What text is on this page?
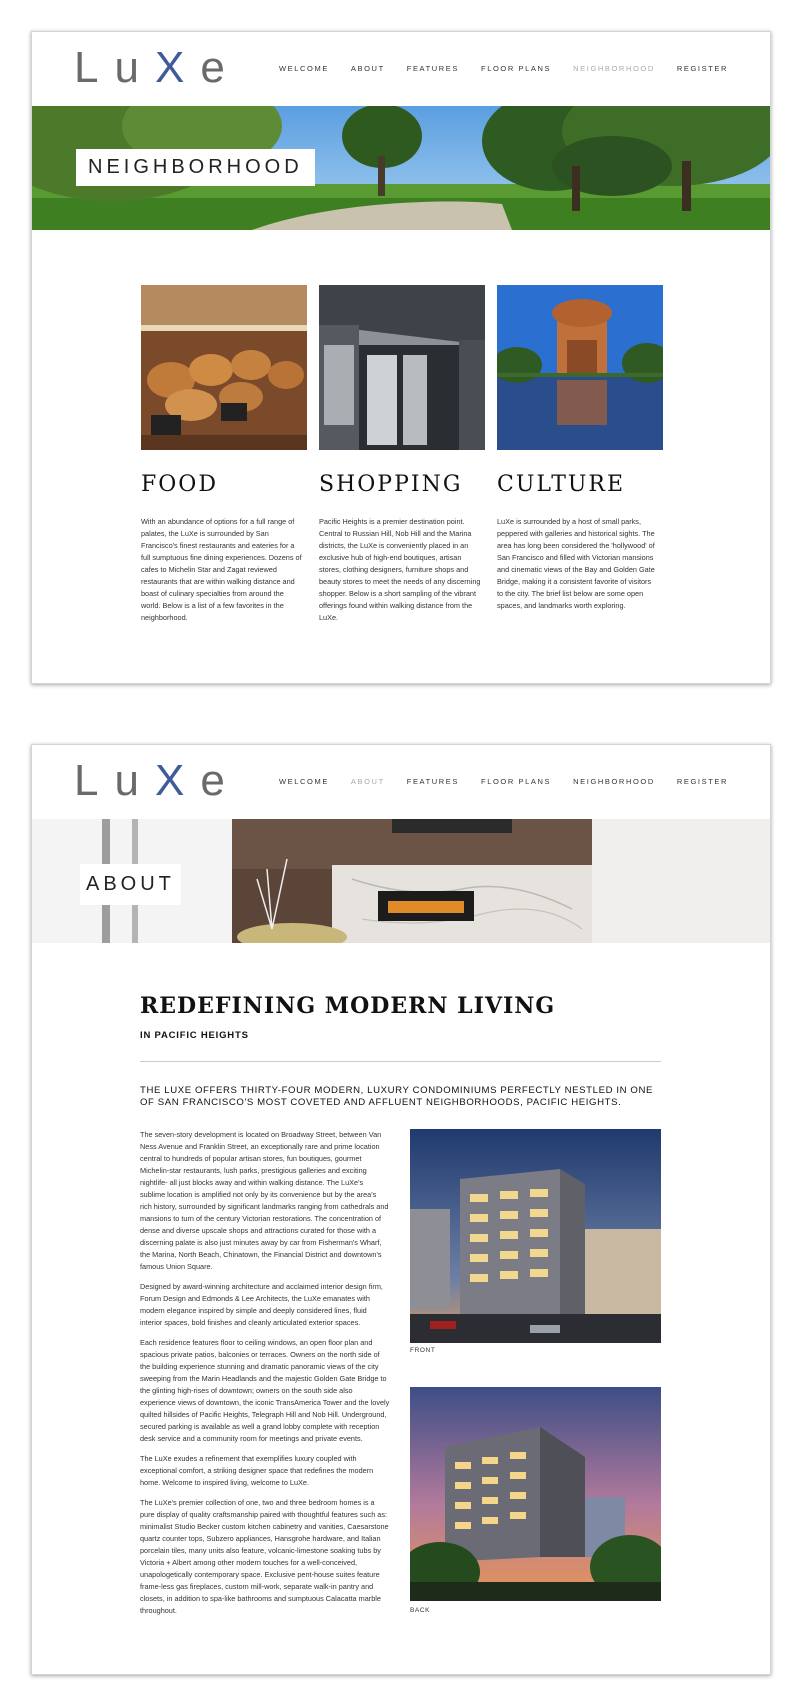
LuXe	WELCOME	ABOUT	FEATURES	FLOOR PLANS	NEIGHBORHOOD	REGISTER
NEIGHBORHOOD
FOOD	SHOPPING CULTURE
With an abundance of options for a full range of palates, the LuXe is surrounded by San Francisco's finest restaurants and eateries for a full sumptuous fine dining experiences. Dozens of cafes to Michelin Star and Zagat reviewed restaurants that are within walking distance and boast of culinary specialties from around the world. Below is a list of a few favorites in the neighborhood.
Pacific Heights is a premier destination point. Central to Russian Hill, Nob Hill and the Marina districts, the LuXe is conveniently placed in an exclusive hub of high-end boutiques, artisan stores, clothing designers, furniture shops and beauty stores to meet the needs of any discerning shopper. Below is a short sampling of the vibrant offerings found within walking distance from the LuXe.
LuXe is surrounded by a host of small parks, peppered with galleries and historical sights. The area has long been considered the 'hollywood' of San Francisco and filled with Victorian mansions and cinematic views of the Bay and Golden Gate Bridge, making it a consistent favorite of visitors to the city. The brief list below are some open spaces, and landmarks worth exploring.
LuXe	WELCOME	ABOUT	FEATURES	FLOOR PLANS	NEIGHBORHOOD	REGISTER
ABOUT
REDEFINING MODERN LIVING
IN PACIFIC HEIGHTS
THE LUXE OFFERS THIRTY-FOUR MODERN, LUXURY CONDOMINIUMS PERFECTLY NESTLED IN ONE OF SAN FRANCISCO'S MOST COVETED AND AFFLUENT NEIGHBORHOODS, PACIFIC HEIGHTS.

The seven-story development is located on Broadway Street, between Van Ness Avenue and Franklin Street, an exceptionally rare and prime location central to hundreds of popular artisan stores, fun boutiques, gourmet Michelin-star restaurants, lush parks, prestigious galleries and exciting nightlife- all just blocks away and within walking distance. The LuXe's sublime location is amplified not only by its convenience but by the area's rich history, surrounded by significant landmarks ranging from cathedrals and mansions to turn of the century Victorian restorations. The concentration of dense and diverse upscale shops and attractions curated for those with a discerning palate is also just minutes away by car from Fisherman's Wharf, the Marina, North Beach, Chinatown, the Financial District and downtown's famous Union Square.

Designed by award-winning architecture and acclaimed interior design firm, Forum Design and Edmonds & Lee Architects, the LuXe emanates with modern elegance inspired by simple and deeply considered lines, fluid interior spaces, bold finishes and cleanly articulated exterior spaces.

Each residence features floor to ceiling windows, an open floor plan and spacious private patios, balconies or terraces. Owners on the north side of the building experience stunning and dramatic panoramic views of the city sweeping from the Marin Headlands and the majestic Golden Gate Bridge to the glinting high-rises of downtown; owners on the south side also experience views of downtown, the iconic TransAmerica Tower and the lovely quilted hillsides of Pacific Heights, Telegraph Hill and Nob Hill. Underground, secured parking is available as well a grand lobby complete with reception desk service and a community room for meetings and private events.

The LuXe exudes a refinement that exemplifies luxury coupled with exceptional comfort, a striking designer space that redefines the modern home. Welcome to inspired living, welcome to LuXe.

The LuXe's premier collection of one, two and three bedroom homes is a pure display of quality craftsmanship paired with thoughtful features such as: minimalist Studio Becker custom kitchen cabinetry and vanities, Caesarstone quartz counter tops, Subzero appliances, Hansgrohe hardware, and Italian porcelain tiles, many units also feature, volcanic-limestone soaking tubs by Victoria + Albert among other modern touches for a well-conceived, unapologetically contemporary space. Exclusive pent-house suites feature frame-less gas fireplaces, custom mill-work, separate walk-in pantry and closets, in addition to spa-like bathrooms and sumptuous Calacatta marble throughout.

FRONT
BACK
